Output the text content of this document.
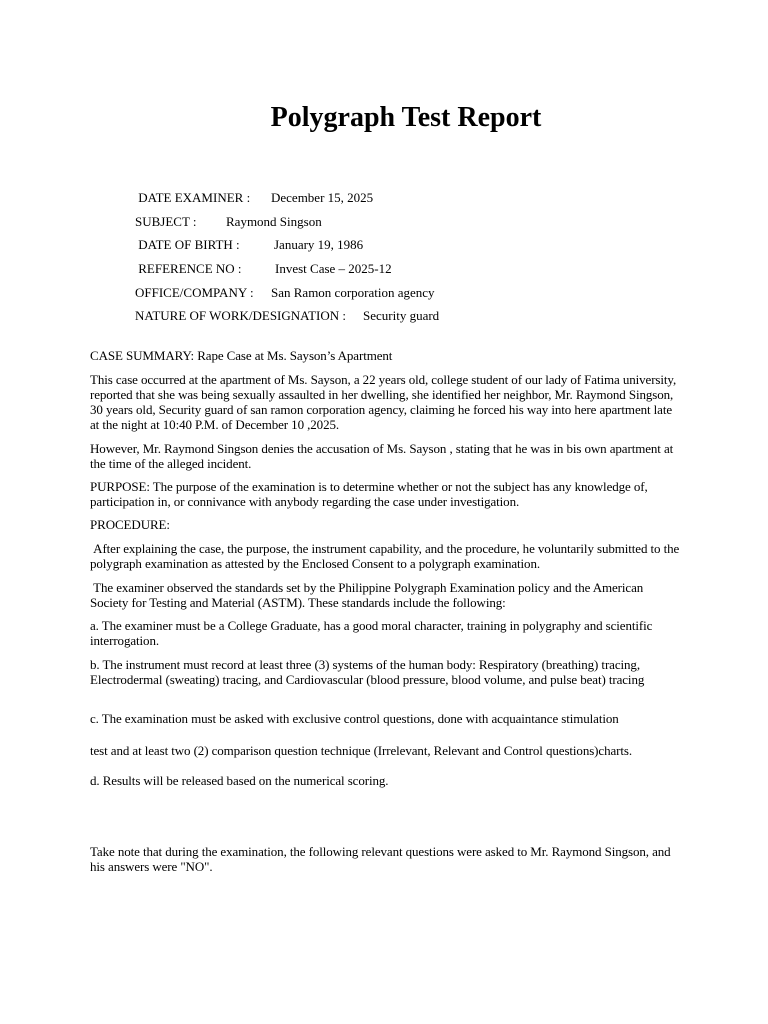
Polygraph Test Report
DATE EXAMINER : December 15, 2025
SUBJECT : Raymond Singson
DATE OF BIRTH :	January 19, 1986
REFERENCE NO :	Invest Case – 2025-12
OFFICE/COMPANY : San Ramon corporation agency
NATURE OF WORK/DESIGNATION : Security guard
CASE SUMMARY: Rape Case at Ms. Sayson’s Apartment
This case occurred at the apartment of Ms. Sayson, a 22 years old, college student of our lady of Fatima university, reported that she was being sexually assaulted in her dwelling, she identified her neighbor, Mr. Raymond Singson, 30 years old, Security guard of san ramon corporation agency, claiming he forced his way into here apartment late at the night at 10:40 P.M. of December 10 ,2025.
However, Mr. Raymond Singson denies the accusation of Ms. Sayson , stating that he was in bis own apartment at the time of the alleged incident.
PURPOSE: The purpose of the examination is to determine whether or not the subject has any knowledge of, participation in, or connivance with anybody regarding the case under investigation.
PROCEDURE:
After explaining the case, the purpose, the instrument capability, and the procedure, he voluntarily submitted to the polygraph examination as attested by the Enclosed Consent to a polygraph examination.
The examiner observed the standards set by the Philippine Polygraph Examination policy and the American Society for Testing and Material (ASTM). These standards include the following:
a. The examiner must be a College Graduate, has a good moral character, training in polygraphy and scientific interrogation.
b. The instrument must record at least three (3) systems of the human body: Respiratory (breathing) tracing, Electrodermal (sweating) tracing, and Cardiovascular (blood pressure, blood volume, and pulse beat) tracing
c. The examination must be asked with exclusive control questions, done with acquaintance stimulation
test and at least two (2) comparison question technique (Irrelevant, Relevant and Control questions)charts.
d. Results will be released based on the numerical scoring.
Take note that during the examination, the following relevant questions were asked to Mr. Raymond Singson, and his answers were "NO".
